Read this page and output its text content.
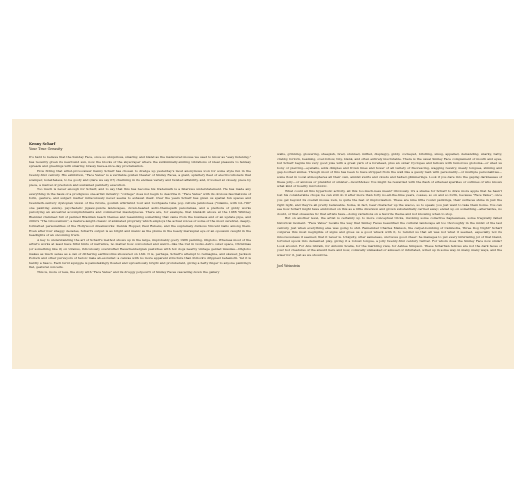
Kenny Scharf
Your True Greasity

It's hard to believe that the Sunday Face, once so ubiquitous, smarmy, and bland as the manicured mouse we used to know as "easy listening," has recently given its newfound sun, now the blocks of the skyscraper where the subliminally-smiling vibrations of ideal pleasure to fantasy spreads and greetings with smarmy, brassy have-a-nice-day proclamation.

How fitting that artist-provocateur Kenny Scharf has chosen to dredge up yesterday's most anonymous icon for some style fun in the twenty-first century. His exhibition, "Face Value" is a veritable golden theater of Smiley Faces, a giant, splattery fleet of electrocutioners that scamper, nonetheless, to be goofy and (dare we say it?) charming in its endless variety and twisted affability, and, if looked at closely, piece by piece, a marvel of precision and sustained painterly execution.

Too much is never enough for Scharf, and to say that this has become his trademark is a hilarious understatement. He has made any everything in the basis of a prodigious one-artist industry: "cottage" does not begin to describe it. "Face Value" with its obvious fascinations of form, gesture, and subject matter miraculously never seems to exhaust itself. Over the years Scharf has given us spatial fun spaces and twentieth-century dystopian vision of the future, goulish whirlwind tour and toothpaste tube pop culture jamborees ("Glamis, with GL-790" one painting exists), psychedelic jigsaw-puzzle landscapes, clown-headed astro-themepark panoramas, and a plethora of giddy works parodying an ancestral accomplishments and commercial masterpieces. There are, for example, that blank-lit above at the 1986 Whitney Biennial crammed full of painted Brazilian beach themes and resembling something that came from the business end of an update pipe, and 2002's "The Groovenium", a feature-length classic of animated propriety which employs the actual voices of some of the most cerebral, deeply-formatted personalities of the Hollywood dreamworks: Dennis Hopper, Paul Rubens, and the supremely dubious Vincent Gallo among them. Even after four shaggy decades, Scharf's output is as bright and manic as the plume in the beady marsupial eye of an opossum caught in the headlights of an oncoming truck.

A key to understanding the art of Scharf's method shows up in the large, improbably goofy 1986 painting, Ohglobo. Whereas most of the artist's works at least have fitful hints of narrative, no matter how convoluted and weird—like the Cat in Gotzo-Astro outer space, Christmas (or something like it) on Uranus, ridiculously overstuffed Rauschenbergian pastiches with hot dogs nearby vintage gelded missiles—Ohglobo makes as much sense as a can of dithering earthworms showered on LSD. It is, perhaps, Scharf's attempt to reimagine, and skewer, Jackson Pollock and other purveyors of heroic male ab-ex-bullet: a canvas with no more apparent structure than Pollock's drippiest behemoth. Yet it is hardly a fiasco. Each lurid squiggle is painstakingly floated and uproariously bright and protuberant, giving a hefty finger to anyone painting's flat, gestural conceits.

This is, more or less, the story with "Face Value" and its druggy potpourri of Smiley Faces cascading down the gallery

walls, grinning, glowering, sheepish, bred, stunned, miffed, displaypy, giddy, cockeyed, bristling, smug, appalled, demanding, snarky, batty, crabby, forlorn, beaming, over-follow, tiny, blank, and often entirely inscrutable. There is the usual Smiley Face complement of mouth and eyes, but Scharf begins his very good joke with a great yarn of a forehead, plus an oxnar Cyclopes and fellows with tumorous globoma—or shed us bony or piercing—eyeballs, adds dimples and frown lines and hover of all variety of fluorescing, wagging revelry, meaty tongues, shining and gap-toothed smiles. Though most of this has been to have stripped from the wall like a gaudy rash with personality—or multiple personalities—some float in vocal atmospheres all their own, amidst swirls and clouds and halted glimmerings. Look if you dare into the gaping darknesses of these jolly—or anxious or prankful or sinister—mouthholes: You might be rewarded with the flash of ethereal sparkles or outlines of who knows what kind of hoarily microbiotic.

What could all this hyperbolic activity, all this too-much-ness mean? Obviously, it's a shame for Scharf to draw more apple that he hasn't lost his considerable chops; he can still do it after more than forty no-all-the-time years, coaxes, so on and so forth, because "Face Value", once you get beyond its overall mouse look, is quite the feat of improvisation. These are nine little round paintings, their surfaces shine in just the right light, and they're all pretty believable. Some, in fact, bear character up the wazoo, so to speak; you just want to take them home. You can see how Scharf might have embroiled on this as a little diversion and grown substantially carried away; ended up on something—alternative, no doubt, or that obsessive tic that artists have—doing variations on a favorite theme and not knowing when to stop.

But on another level, the artist is certainly up to more conceptual tricks, invoking some collective haplessness, some tragically failed historical moment. "Face Value" recalls the way that Smiley Faces beautified the cultural landscape all too thoroughly in the midst of the last century, just when everything else was going to shit. Remember Charles Manson, the carpet-bombing of Cambodia, Three Dog Night? Scharf conjures this most negligible of signs and gives us a good whack with it, to remind us that all was not what it seemed, especially not its innocuousness it seemed; that it never is. Ubiquity, utter sameness, unctuous good cheer: he manages to put every infuriating jot of that bland, tortured spook into demented play, giving it a robust tongue, a jolly twenty-first century twitter. For whom does the Smiley Face now smile? Look around. For Abu Ghraib, for Antonin Scalia, for the marbling view, for Ashlee Simpson. These Scharfian fellows are not the dark faces of your hot creatures of the absurd here and now, comically unmasked or amused or infuriated, wired up in some way, in many, many ways, and the wiser for it, just as we should be.

Joel Weinstein
